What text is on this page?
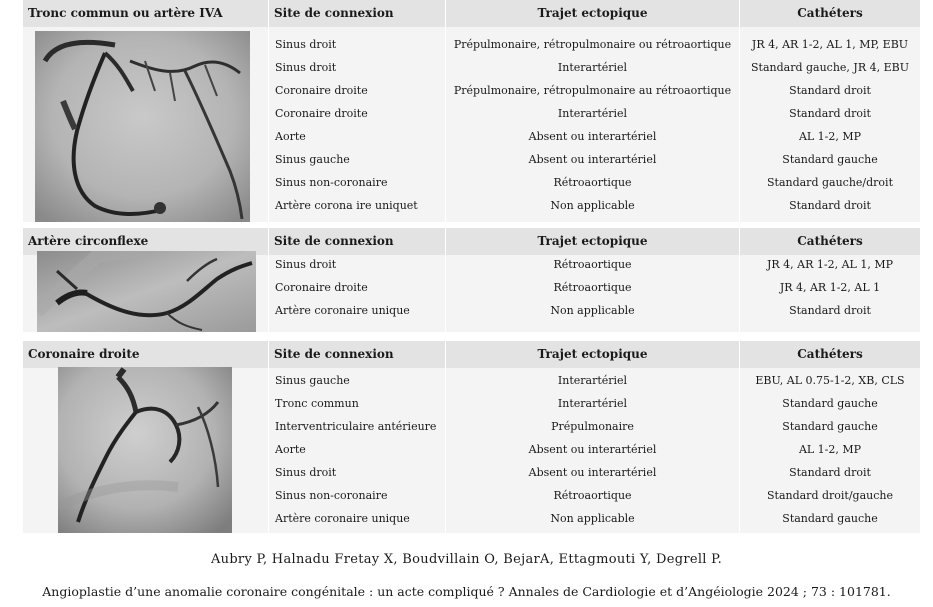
Tronc commun ou artère IVA	Site de connexion	Trajet ectopique	Cathéters
Sinus droit	Prépulmonaire, rétropulmonaire ou rétroaortique	JR 4, AR 1-2, AL 1, MP, EBU
Sinus droit	Interartériel	Standard gauche, JR 4, EBU
Coronaire droite	Prépulmonaire, rétropulmonaire au rétroaortique	Standard droit
Coronaire droite	Interartériel	Standard droit
Aorte	Absent ou interartériel	AL 1-2, MP
Sinus gauche	Absent ou interartériel	Standard gauche
Sinus non-coronaire	Rétroaortique	Standard gauche/droit
Artère corona ire uniquet	Non applicable	Standard droit
Artère circonflexe	Site de connexion	Trajet ectopique	Cathéters
Sinus droit	Rétroaortique	JR 4, AR 1-2, AL 1, MP
Coronaire droite	Rétroaortique	JR 4, AR 1-2, AL 1
Artère coronaire unique	Non applicable	Standard droit
Coronaire droite	Site de connexion	Trajet ectopique	Cathéters
Sinus gauche	Interartériel	EBU, AL 0.75-1-2, XB, CLS
Tronc commun	Interartériel	Standard gauche
Interventriculaire antérieure	Prépulmonaire	Standard gauche
Aorte	Absent ou interartériel	AL 1-2, MP
Sinus droit	Absent ou interartériel	Standard droit
Sinus non-coronaire	Rétroaortique	Standard droit/gauche
Artère coronaire unique	Non applicable	Standard gauche
Aubry P, Halnadu Fretay X, Boudvillain O, BejarA, Ettagmouti Y, Degrell P.
Angioplastie d’une anomalie coronaire congénitale : un acte compliqué ? Annales de Cardiologie et d’Angéiologie 2024 ; 73 : 101781.
